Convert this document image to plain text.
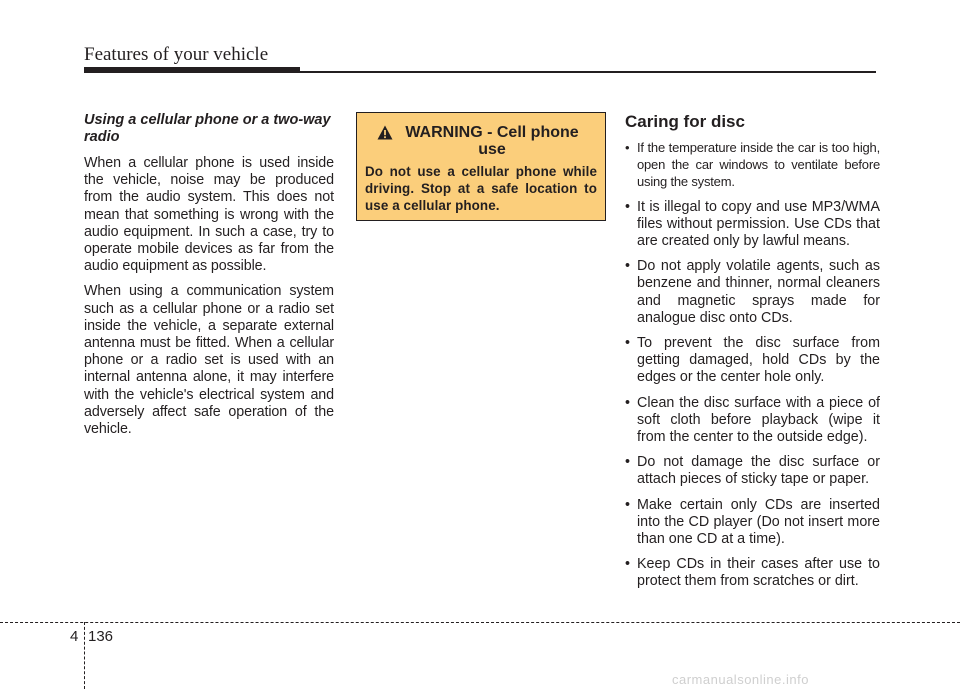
Features of your vehicle
Using a cellular phone or a two-way radio

When a cellular phone is used inside the vehicle, noise may be produced from the audio system. This does not mean that something is wrong with the audio equipment. In such a case, try to operate mobile devices as far from the audio equipment as possible.

When using a communication system such as a cellular phone or a radio set inside the vehicle, a separate external antenna must be fitted. When a cellular phone or a radio set is used with an internal antenna alone, it may interfere with the vehicle's electrical system and adversely affect safe operation of the vehicle.

WARNING - Cell phone use

Do not use a cellular phone while driving. Stop at a safe location to use a cellular phone.

Caring for disc
• If the temperature inside the car is too high, open the car windows to ventilate before using the system.
• It is illegal to copy and use MP3/WMA files without permission. Use CDs that are created only by lawful means.
• Do not apply volatile agents, such as benzene and thinner, normal cleaners and magnetic sprays made for analogue disc onto CDs.
• To prevent the disc surface from getting damaged, hold CDs by the edges or the center hole only.
• Clean the disc surface with a piece of soft cloth before playback (wipe it from the center to the outside edge).
• Do not damage the disc surface or attach pieces of sticky tape or paper.
• Make certain only CDs are inserted into the CD player (Do not insert more than one CD at a time).
• Keep CDs in their cases after use to protect them from scratches or dirt.
4 136
carmanualsonline.info
